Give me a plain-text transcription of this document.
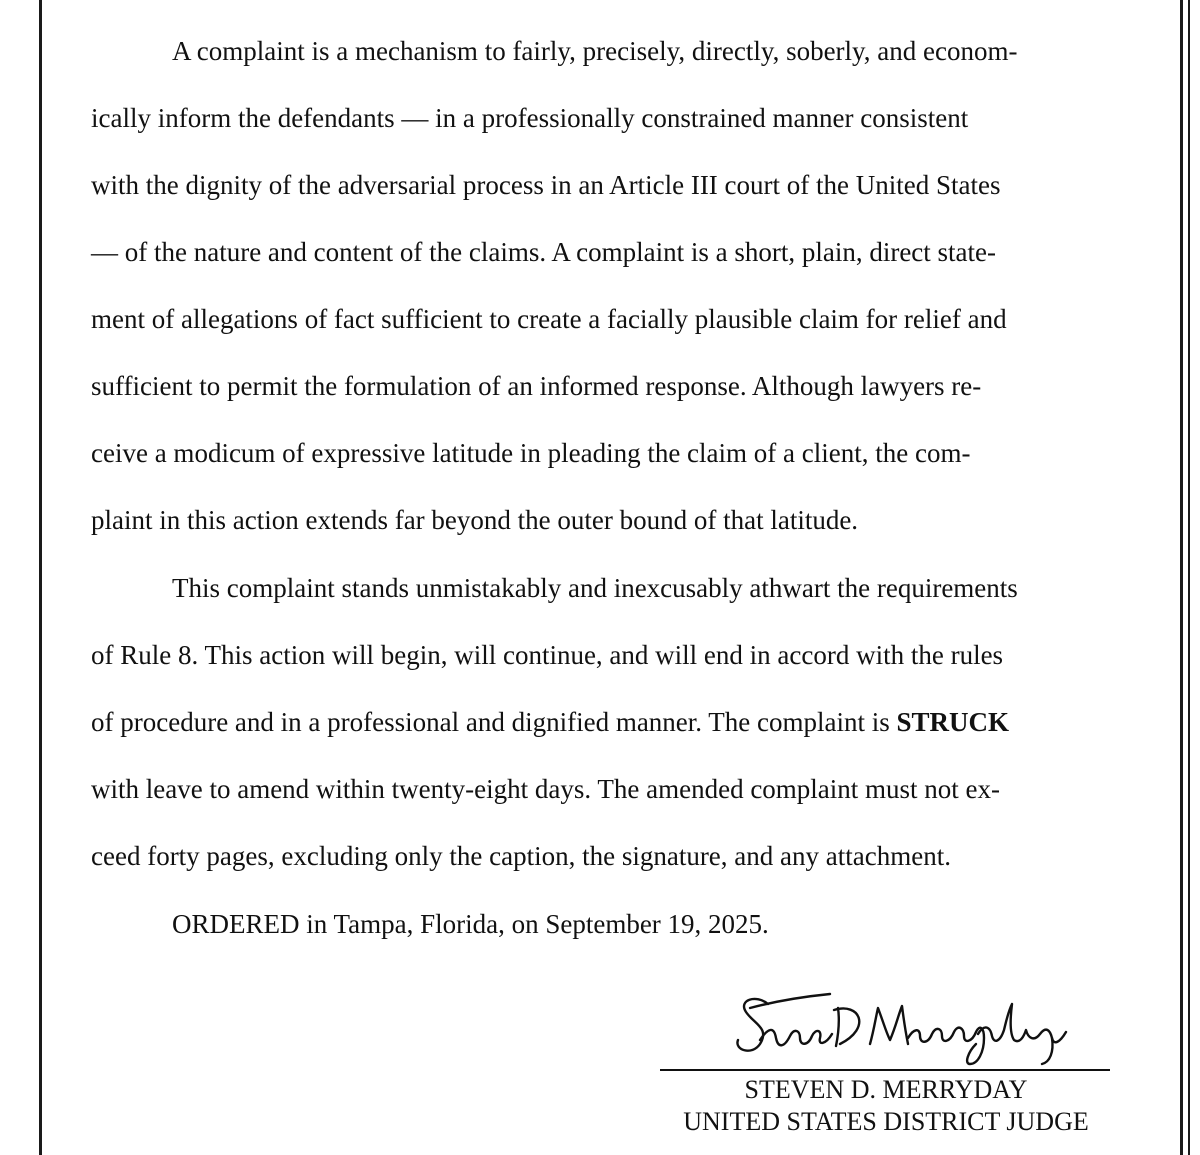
A complaint is a mechanism to fairly, precisely, directly, soberly, and econom-
ically inform the defendants — in a professionally constrained manner consistent
with the dignity of the adversarial process in an Article III court of the United States
— of the nature and content of the claims. A complaint is a short, plain, direct state-
ment of allegations of fact sufficient to create a facially plausible claim for relief and
sufficient to permit the formulation of an informed response. Although lawyers re-
ceive a modicum of expressive latitude in pleading the claim of a client, the com-
plaint in this action extends far beyond the outer bound of that latitude.
This complaint stands unmistakably and inexcusably athwart the requirements
of Rule 8. This action will begin, will continue, and will end in accord with the rules
of procedure and in a professional and dignified manner. The complaint is STRUCK
with leave to amend within twenty-eight days. The amended complaint must not ex-
ceed forty pages, excluding only the caption, the signature, and any attachment.
ORDERED in Tampa, Florida, on September 19, 2025.
STEVEN D. MERRYDAY
UNITED STATES DISTRICT JUDGE
